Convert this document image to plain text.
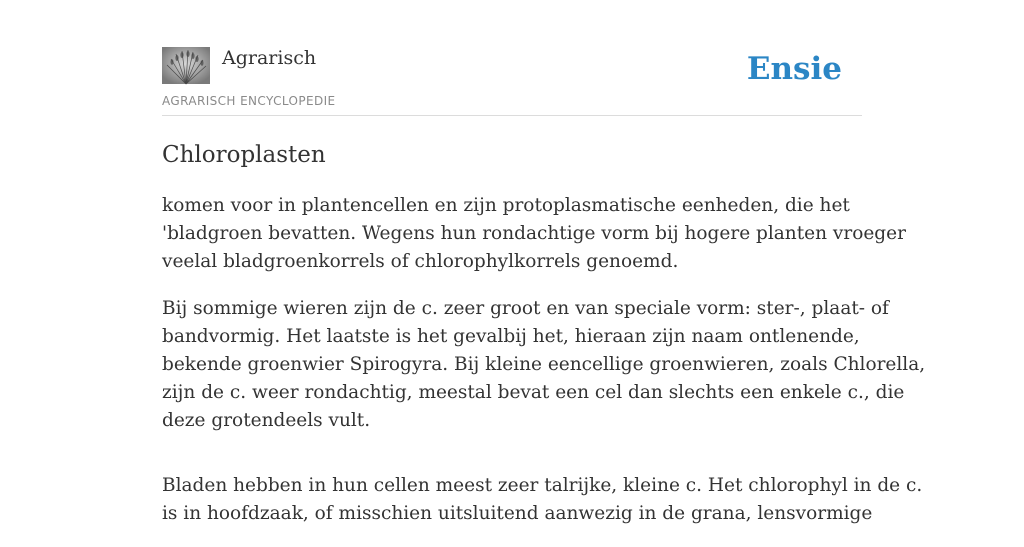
Agrarisch
AGRARISCH ENCYCLOPEDIE
Ensie
Chloroplasten

komen voor in plantencellen en zijn protoplasmatische eenheden, die het
'bladgroen bevatten. Wegens hun rondachtige vorm bij hogere planten vroeger
veelal bladgroenkorrels of chlorophylkorrels genoemd.

Bij sommige wieren zijn de c. zeer groot en van speciale vorm: ster-, plaat- of
bandvormig. Het laatste is het gevalbij het, hieraan zijn naam ontlenende,
bekende groenwier Spirogyra. Bij kleine eencellige groenwieren, zoals Chlorella,
zijn de c. weer rondachtig, meestal bevat een cel dan slechts een enkele c., die
deze grotendeels vult.

Bladen hebben in hun cellen meest zeer talrijke, kleine c. Het chlorophyl in de c.
is in hoofdzaak, of misschien uitsluitend aanwezig in de grana, lensvormige
